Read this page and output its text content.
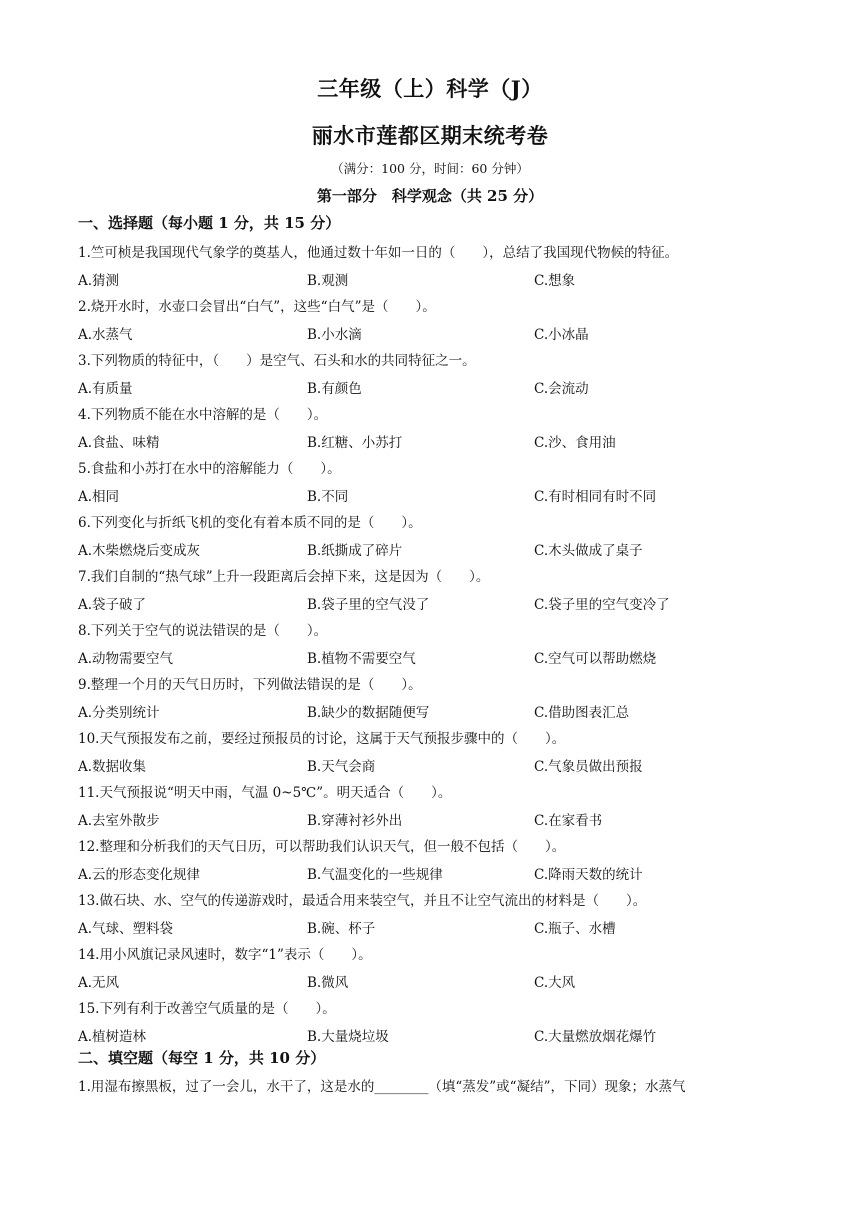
三年级（上）科学（J）
丽水市莲都区期末统考卷
（满分：100 分，时间：60 分钟）
第一部分　科学观念（共 25 分）
一、选择题（每小题 1 分，共 15 分）
1.竺可桢是我国现代气象学的奠基人，他通过数十年如一日的（　　），总结了我国现代物候的特征。
A.猜测	B.观测	C.想象
2.烧开水时，水壶口会冒出“白气”，这些“白气”是（　　）。
A.水蒸气	B.小水滴	C.小冰晶
3.下列物质的特征中，（　　）是空气、石头和水的共同特征之一。
A.有质量	B.有颜色	C.会流动
4.下列物质不能在水中溶解的是（　　）。
A.食盐、味精	B.红糖、小苏打	C.沙、食用油
5.食盐和小苏打在水中的溶解能力（　　）。
A.相同	B.不同	C.有时相同有时不同
6.下列变化与折纸飞机的变化有着本质不同的是（　　）。
A.木柴燃烧后变成灰	B.纸撕成了碎片	C.木头做成了桌子
7.我们自制的“热气球”上升一段距离后会掉下来，这是因为（　　）。
A.袋子破了	B.袋子里的空气没了	C.袋子里的空气变冷了
8.下列关于空气的说法错误的是（　　）。
A.动物需要空气	B.植物不需要空气	C.空气可以帮助燃烧
9.整理一个月的天气日历时，下列做法错误的是（　　）。
A.分类别统计	B.缺少的数据随便写	C.借助图表汇总
10.天气预报发布之前，要经过预报员的讨论，这属于天气预报步骤中的（　　）。
A.数据收集	B.天气会商	C.气象员做出预报
11.天气预报说“明天中雨，气温 0~5℃”。明天适合（　　）。
A.去室外散步	B.穿薄衬衫外出	C.在家看书
12.整理和分析我们的天气日历，可以帮助我们认识天气，但一般不包括（　　）。
A.云的形态变化规律	B.气温变化的一些规律	C.降雨天数的统计
13.做石块、水、空气的传递游戏时，最适合用来装空气，并且不让空气流出的材料是（　　）。
A.气球、塑料袋	B.碗、杯子	C.瓶子、水槽
14.用小风旗记录风速时，数字“1”表示（　　）。
A.无风	B.微风	C.大风
15.下列有利于改善空气质量的是（　　）。
A.植树造林	B.大量烧垃圾	C.大量燃放烟花爆竹
二、填空题（每空 1 分，共 10 分）
1.用湿布擦黑板，过了一会儿，水干了，这是水的________（填“蒸发”或“凝结”，下同）现象；水蒸气
